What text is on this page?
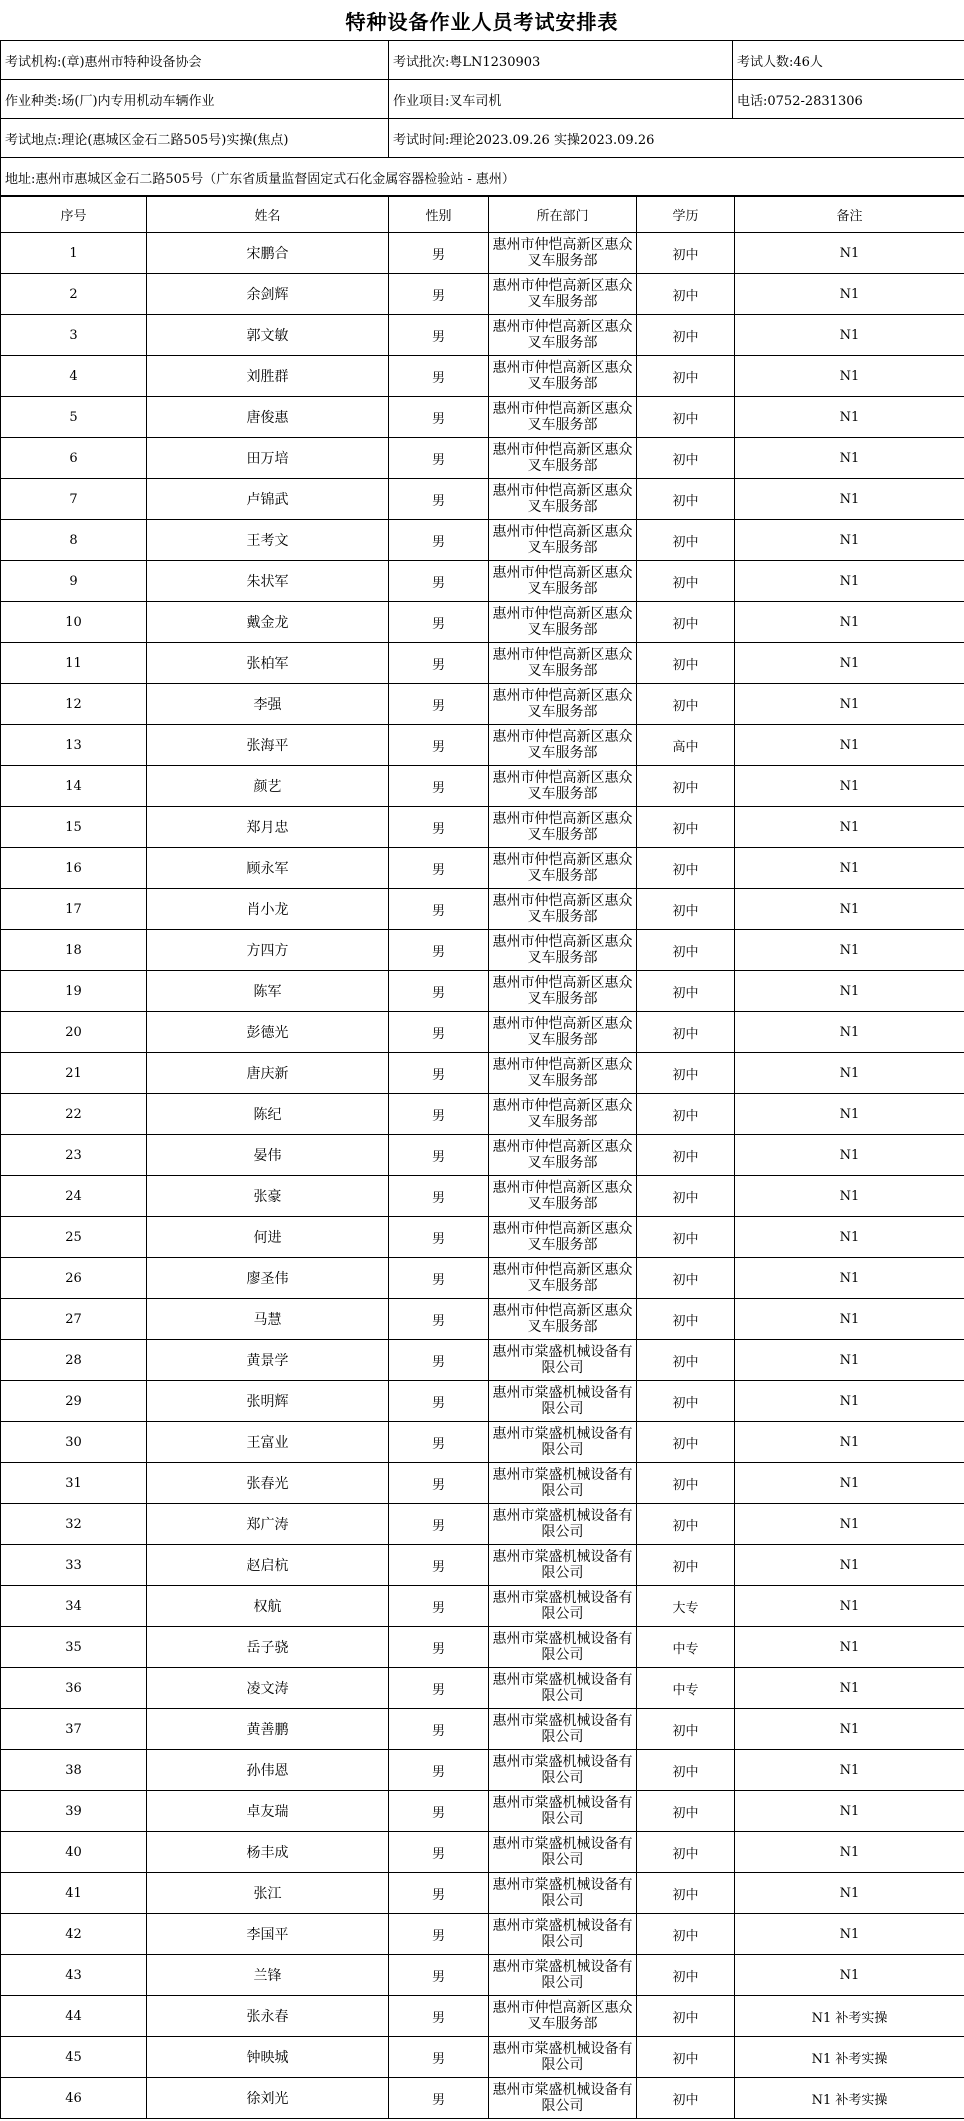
特种设备作业人员考试安排表
考试机构:(章)惠州市特种设备协会	考试批次:粤LN1230903	考试人数:46人
作业种类:场(厂)内专用机动车辆作业	作业项目:叉车司机	电话:0752-2831306
考试地点:理论(惠城区金石二路505号)实操(焦点)	考试时间:理论2023.09.26 实操2023.09.26	
地址:惠州市惠城区金石二路505号（广东省质量监督固定式石化金属容器检验站 - 惠州）		
序号	姓名	性别	所在部门	学历	备注
1	宋鹏合	男	惠州市仲恺高新区惠众叉车服务部	初中	N1
2	余剑辉	男	惠州市仲恺高新区惠众叉车服务部	初中	N1
3	郭文敏	男	惠州市仲恺高新区惠众叉车服务部	初中	N1
4	刘胜群	男	惠州市仲恺高新区惠众叉车服务部	初中	N1
5	唐俊惠	男	惠州市仲恺高新区惠众叉车服务部	初中	N1
6	田万培	男	惠州市仲恺高新区惠众叉车服务部	初中	N1
7	卢锦武	男	惠州市仲恺高新区惠众叉车服务部	初中	N1
8	王考文	男	惠州市仲恺高新区惠众叉车服务部	初中	N1
9	朱状军	男	惠州市仲恺高新区惠众叉车服务部	初中	N1
10	戴金龙	男	惠州市仲恺高新区惠众叉车服务部	初中	N1
11	张柏军	男	惠州市仲恺高新区惠众叉车服务部	初中	N1
12	李强	男	惠州市仲恺高新区惠众叉车服务部	初中	N1
13	张海平	男	惠州市仲恺高新区惠众叉车服务部	高中	N1
14	颜艺	男	惠州市仲恺高新区惠众叉车服务部	初中	N1
15	郑月忠	男	惠州市仲恺高新区惠众叉车服务部	初中	N1
16	顾永军	男	惠州市仲恺高新区惠众叉车服务部	初中	N1
17	肖小龙	男	惠州市仲恺高新区惠众叉车服务部	初中	N1
18	方四方	男	惠州市仲恺高新区惠众叉车服务部	初中	N1
19	陈军	男	惠州市仲恺高新区惠众叉车服务部	初中	N1
20	彭德光	男	惠州市仲恺高新区惠众叉车服务部	初中	N1
21	唐庆新	男	惠州市仲恺高新区惠众叉车服务部	初中	N1
22	陈纪	男	惠州市仲恺高新区惠众叉车服务部	初中	N1
23	晏伟	男	惠州市仲恺高新区惠众叉车服务部	初中	N1
24	张豪	男	惠州市仲恺高新区惠众叉车服务部	初中	N1
25	何进	男	惠州市仲恺高新区惠众叉车服务部	初中	N1
26	廖圣伟	男	惠州市仲恺高新区惠众叉车服务部	初中	N1
27	马慧	男	惠州市仲恺高新区惠众叉车服务部	初中	N1
28	黄景学	男	惠州市棠盛机械设备有限公司	初中	N1
29	张明辉	男	惠州市棠盛机械设备有限公司	初中	N1
30	王富业	男	惠州市棠盛机械设备有限公司	初中	N1
31	张春光	男	惠州市棠盛机械设备有限公司	初中	N1
32	郑广涛	男	惠州市棠盛机械设备有限公司	初中	N1
33	赵启杭	男	惠州市棠盛机械设备有限公司	初中	N1
34	权航	男	惠州市棠盛机械设备有限公司	大专	N1
35	岳子骁	男	惠州市棠盛机械设备有限公司	中专	N1
36	凌文涛	男	惠州市棠盛机械设备有限公司	中专	N1
37	黄善鹏	男	惠州市棠盛机械设备有限公司	初中	N1
38	孙伟恩	男	惠州市棠盛机械设备有限公司	初中	N1
39	卓友瑞	男	惠州市棠盛机械设备有限公司	初中	N1
40	杨丰成	男	惠州市棠盛机械设备有限公司	初中	N1
41	张江	男	惠州市棠盛机械设备有限公司	初中	N1
42	李国平	男	惠州市棠盛机械设备有限公司	初中	N1
43	兰锋	男	惠州市棠盛机械设备有限公司	初中	N1
44	张永春	男	惠州市仲恺高新区惠众叉车服务部	初中	N1 补考实操
45	钟映城	男	惠州市棠盛机械设备有限公司	初中	N1 补考实操
46	徐刘光	男	惠州市棠盛机械设备有限公司	初中	N1 补考实操
